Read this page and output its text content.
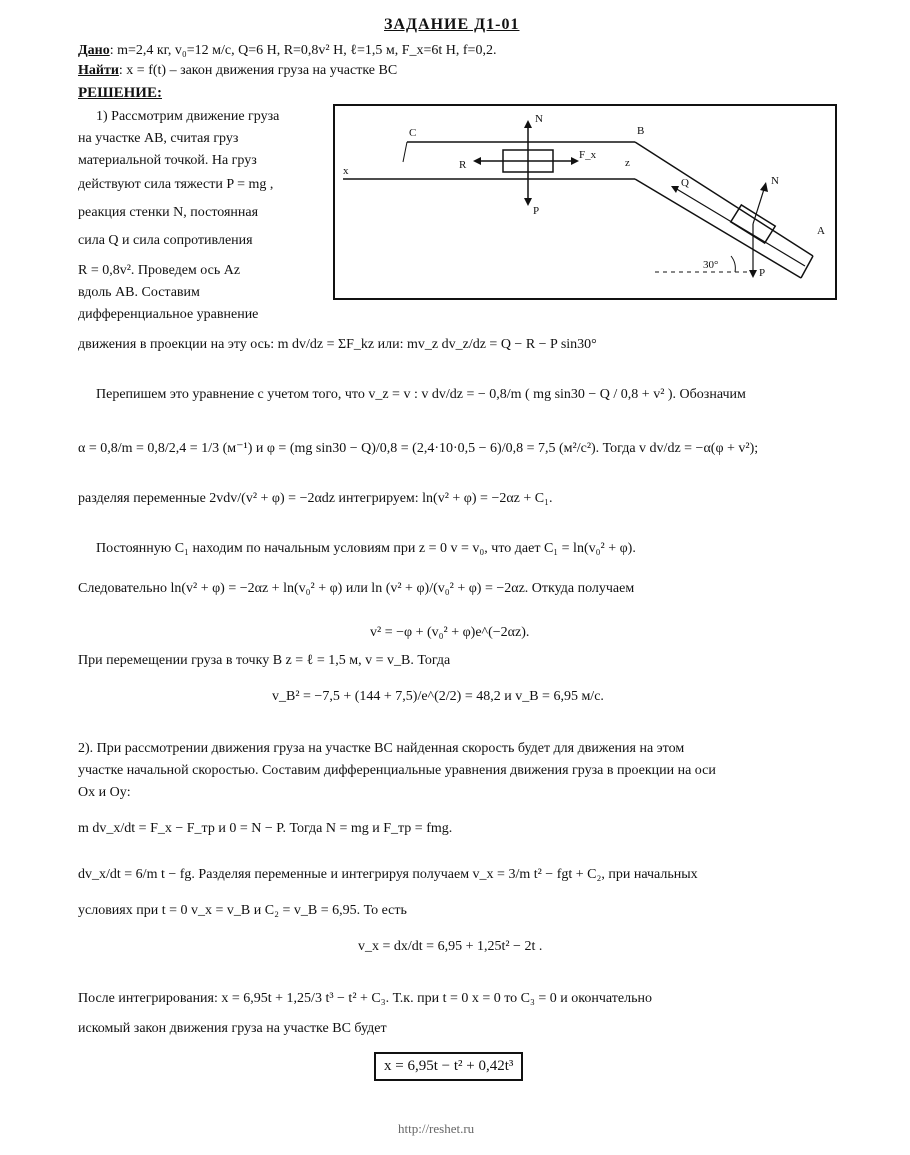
ЗАДАНИЕ Д1-01
Дано: m=2,4 кг, v₀=12 м/с, Q=6 Н, R=0,8v² Н, ℓ=1,5 м, F_x=6t Н, f=0,2.
Найти: x = f(t) – закон движения груза на участке BC
РЕШЕНИЕ:
1) Рассмотрим движение груза
на участке AB, считая груз
материальной точкой. На груз
действуют сила тяжести P = mg ,
реакция стенки N, постоянная
сила Q и сила сопротивления
R = 0,8v². Проведем ось Az
вдоль AB. Составим
дифференциальное уравнение
C	B
A
N
P
R
F_x
Q	N
P
30°
x
z
движения в проекции на эту ось: m dv/dz = ΣF_kz или: mv_z dv_z/dz = Q − R − P sin30°
Перепишем это уравнение с учетом того, что v_z = v : v dv/dz = − 0,8/m ( mg sin30 − Q / 0,8 + v² ). Обозначим
α = 0,8/m = 0,8/2,4 = 1/3 (м⁻¹) и φ = (mg sin30 − Q)/0,8 = (2,4·10·0,5 − 6)/0,8 = 7,5 (м²/с²). Тогда v dv/dz = −α(φ + v²);
разделяя переменные 2vdv/(v² + φ) = −2αdz интегрируем: ln(v² + φ) = −2αz + C₁.
Постоянную C₁ находим по начальным условиям при z = 0 v = v₀, что дает C₁ = ln(v₀² + φ).
Следовательно ln(v² + φ) = −2αz + ln(v₀² + φ) или ln (v² + φ)/(v₀² + φ) = −2αz. Откуда получаем
v² = −φ + (v₀² + φ)e^(−2αz).
При перемещении груза в точку B z = ℓ = 1,5 м, v = v_B. Тогда
v_B² = −7,5 + (144 + 7,5)/e^(2/2) = 48,2 и v_B = 6,95 м/с.
2). При рассмотрении движения груза на участке BC найденная скорость будет для движения на этом
участке начальной скоростью. Составим дифференциальные уравнения движения груза в проекции на оси
Ox и Oy:
m dv_x/dt = F_x − F_тр и 0 = N − P. Тогда N = mg и F_тр = fmg.
dv_x/dt = 6/m t − fg. Разделяя переменные и интегрируя получаем v_x = 3/m t² − fgt + C₂, при начальных
условиях при t = 0 v_x = v_B и C₂ = v_B = 6,95. То есть
v_x = dx/dt = 6,95 + 1,25t² − 2t .
После интегрирования: x = 6,95t + 1,25/3 t³ − t² + C₃. Т.к. при t = 0 x = 0 то C₃ = 0 и окончательно
искомый закон движения груза на участке BC будет
x = 6,95t − t² + 0,42t³
http://reshet.ru
